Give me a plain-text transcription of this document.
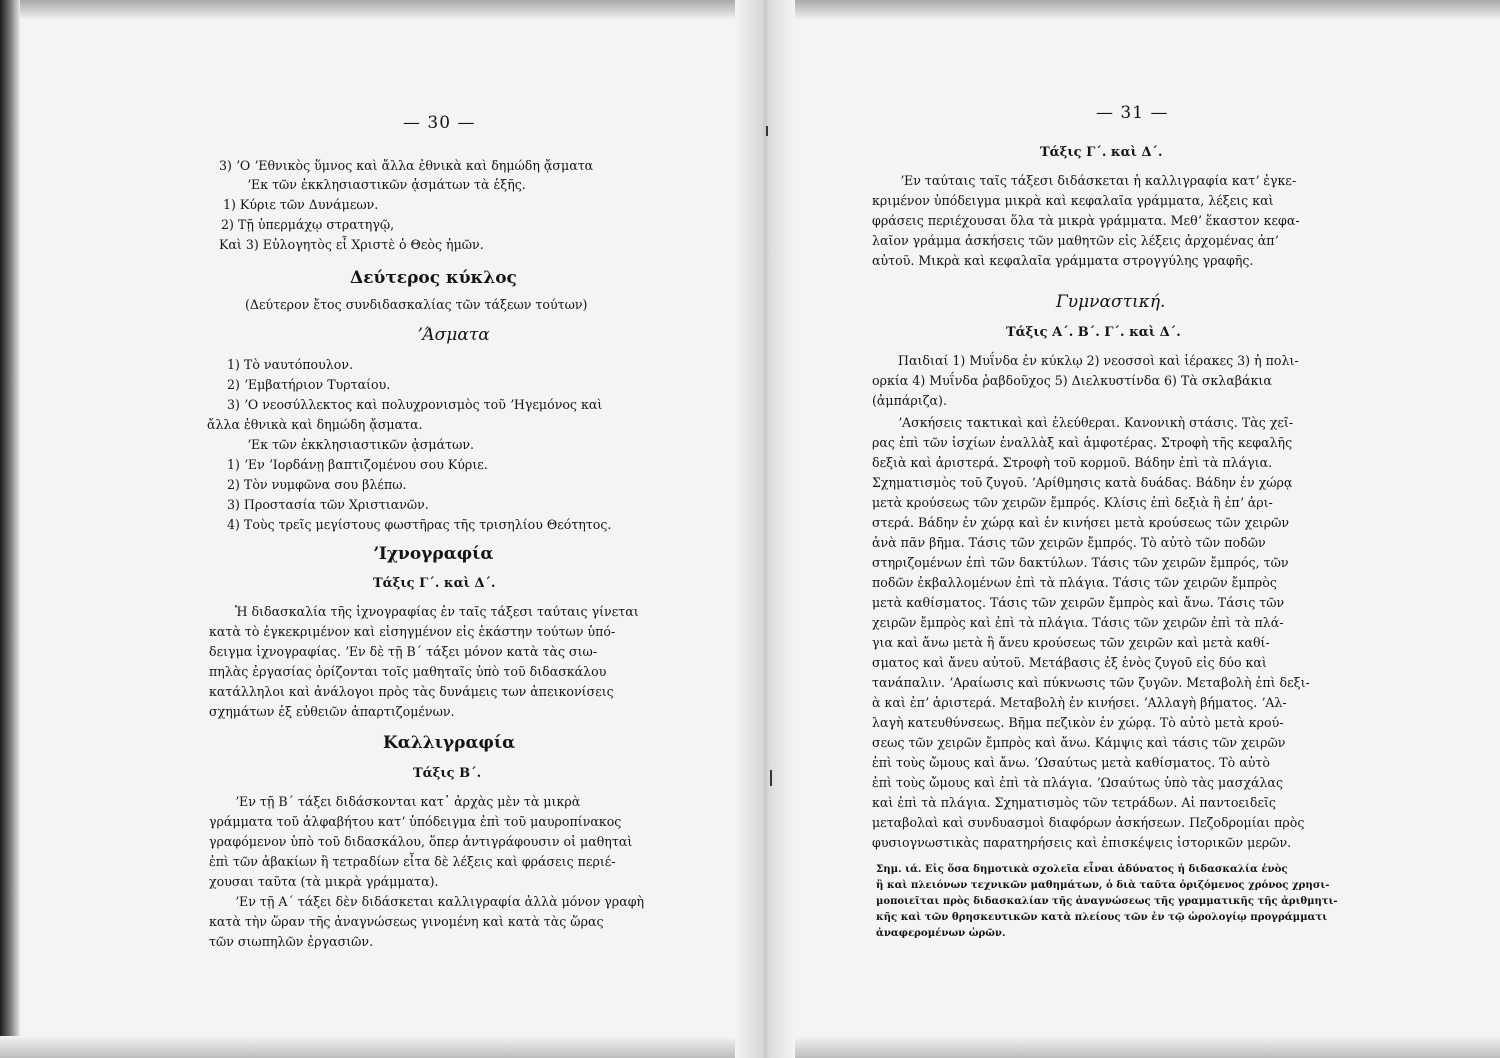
— 30 —
3) ʼΟ ʼΕθνικὸς ὕμνος καὶ ἄλλα ἐθνικὰ καὶ δημώδη ᾄσματα
ʼΕκ τῶν ἐκκλησιαστικῶν ᾀσμάτων τὰ ἑξῆς.
1) Κύριε τῶν Δυνάμεων.
2) Τῇ ὑπερμάχῳ στρατηγῷ,
Καὶ 3) Εὐλογητὸς εἶ Χριστὲ ὁ Θεὸς ἡμῶν.
Δεύτερος κύκλος
(Δεύτερον ἔτος συνδιδασκαλίας τῶν τάξεων τούτων)
ʼΆσματα
1) Τὸ ναυτόπουλον.
2) ʼΕμβατήριον Τυρταίου.
3) ʼΟ νεοσύλλεκτος καὶ πολυχρονισμὸς τοῦ ʼΗγεμόνος καὶ
ἄλλα ἐθνικὰ καὶ δημώδη ᾄσματα.
ʼΕκ τῶν ἐκκλησιαστικῶν ᾀσμάτων.
1) ʼΕν ʼΙορδάνῃ βαπτιζομένου σου Κύριε.
2) Τὸν νυμφῶνα σου βλέπω.
3) Προστασία τῶν Χριστιανῶν.
4) Τοὺς τρεῖς μεγίστους φωστῆρας τῆς τρισηλίου Θεότητος.
ʼΙχνογραφία
Τάξις Γ΄. καὶ Δ΄.
Ἡ διδασκαλία τῆς ἰχνογραφίας ἐν ταῖς τάξεσι ταύταις γίνεται
κατὰ τὸ ἐγκεκριμένον καὶ εἰσηγμένον εἰς ἑκάστην τούτων ὑπό-
δειγμα ἰχνογραφίας. ʼΕν δὲ τῇ Β΄ τάξει μόνον κατὰ τὰς σιω-
πηλὰς ἐργασίας ὁρίζονται τοῖς μαθηταῖς ὑπὸ τοῦ διδασκάλου
κατάλληλοι καὶ ἀνάλογοι πρὸς τὰς δυνάμεις των ἀπεικονίσεις
σχημάτων ἐξ εὐθειῶν ἀπαρτιζομένων.
Καλλιγραφία
Τάξις Β΄.
ʼΕν τῇ Β΄ τάξει διδάσκονται κατ᾽ ἀρχὰς μὲν τὰ μικρὰ
γράμματα τοῦ ἀλφαβήτου κατʼ ὑπόδειγμα ἐπὶ τοῦ μαυροπίνακος
γραφόμενον ὑπὸ τοῦ διδασκάλου, ὅπερ ἀντιγράφουσιν οἱ μαθηταὶ
ἐπὶ τῶν ἀβακίων ἢ τετραδίων εἶτα δὲ λέξεις καὶ φράσεις περιέ-
χουσαι ταῦτα (τὰ μικρὰ γράμματα).
ʼΕν τῇ Α΄ τάξει δὲν διδάσκεται καλλιγραφία ἀλλὰ μόνον γραφὴ
κατὰ τὴν ὥραν τῆς ἀναγνώσεως γινομένη καὶ κατὰ τὰς ὥρας
τῶν σιωπηλῶν ἐργασιῶν.
— 31 —
Τάξις Γ΄. καὶ Δ΄.
ʼΕν ταύταις ταῖς τάξεσι διδάσκεται ἡ καλλιγραφία κατʼ ἐγκε-
κριμένον ὑπόδειγμα μικρὰ καὶ κεφαλαῖα γράμματα, λέξεις καὶ
φράσεις περιέχουσαι ὅλα τὰ μικρὰ γράμματα. Μεθʼ ἕκαστον κεφα-
λαῖον γράμμα ἀσκήσεις τῶν μαθητῶν εἰς λέξεις ἀρχομένας ἀπʼ
αὐτοῦ. Μικρὰ καὶ κεφαλαῖα γράμματα στρογγύλης γραφῆς.
Γυμναστική.
Τάξις Α΄. Β΄. Γ΄. καὶ Δ΄.
Παιδιαί 1) Μυΐνδα ἐν κύκλῳ 2) νεοσσοὶ καὶ ἱέρακες 3) ἡ πολι-
ορκία 4) Μυΐνδα ῥαβδοῦχος 5) Διελκυστίνδα 6) Τὰ σκλαβάκια
(ἀμπάριζα).
ʼΑσκήσεις τακτικαὶ καὶ ἐλεύθεραι. Κανονικὴ στάσις. Τὰς χεῖ-
ρας ἐπὶ τῶν ἰσχίων ἐναλλὰξ καὶ ἀμφοτέρας. Στροφὴ τῆς κεφαλῆς
δεξιὰ καὶ ἀριστερά. Στροφὴ τοῦ κορμοῦ. Βάδην ἐπὶ τὰ πλάγια.
Σχηματισμὸς τοῦ ζυγοῦ. ʼΑρίθμησις κατὰ δυάδας. Βάδην ἐν χώρᾳ
μετὰ κρούσεως τῶν χειρῶν ἔμπρός. Κλίσις ἐπὶ δεξιὰ ἢ ἐπʼ ἀρι-
στερά. Βάδην ἐν χώρᾳ καὶ ἐν κινήσει μετὰ κρούσεως τῶν χειρῶν
ἀνὰ πᾶν βῆμα. Τάσις τῶν χειρῶν ἔμπρός. Τὸ αὐτὸ τῶν ποδῶν
στηριζομένων ἐπὶ τῶν δακτύλων. Τάσις τῶν χειρῶν ἔμπρός, τῶν
ποδῶν ἐκβαλλομένων ἐπὶ τὰ πλάγια. Τάσις τῶν χειρῶν ἔμπρὸς
μετὰ καθίσματος. Τάσις τῶν χειρῶν ἔμπρὸς καὶ ἄνω. Τάσις τῶν
χειρῶν ἔμπρὸς καὶ ἐπὶ τὰ πλάγια. Τάσις τῶν χειρῶν ἐπὶ τὰ πλά-
για καὶ ἄνω μετὰ ἢ ἄνευ κρούσεως τῶν χειρῶν καὶ μετὰ καθί-
σματος καὶ ἄνευ αὐτοῦ. Μετάβασις ἐξ ἑνὸς ζυγοῦ εἰς δύο καὶ
τανάπαλιν. ʼΑραίωσις καὶ πύκνωσις τῶν ζυγῶν. Μεταβολὴ ἐπὶ δεξι-
ὰ καὶ ἐπʼ ἀριστερά. Μεταβολὴ ἐν κινήσει. ʼΑλλαγὴ βήματος. ʼΑλ-
λαγὴ κατευθύνσεως. Βῆμα πεζικὸν ἐν χώρᾳ. Τὸ αὐτὸ μετὰ κρού-
σεως τῶν χειρῶν ἔμπρὸς καὶ ἄνω. Κάμψις καὶ τάσις τῶν χειρῶν
ἐπὶ τοὺς ὤμους καὶ ἄνω. ʼΩσαύτως μετὰ καθίσματος. Τὸ αὐτὸ
ἐπὶ τοὺς ὤμους καὶ ἐπὶ τὰ πλάγια. ʼΩσαύτως ὑπὸ τὰς μασχάλας
καὶ ἐπὶ τὰ πλάγια. Σχηματισμὸς τῶν τετράδων. Αἱ παντοειδεῖς
μεταβολαὶ καὶ συνδυασμοὶ διαφόρων ἀσκήσεων. Πεζοδρομίαι πρὸς
φυσιογνωστικὰς παρατηρήσεις καὶ ἐπισκέψεις ἱστορικῶν μερῶν.
Σημ. ιά. Εἰς ὅσα δημοτικὰ σχολεῖα εἶναι ἀδύνατος ἡ διδασκαλία ἑνὸς
ἢ καὶ πλειόνων τεχνικῶν μαθημάτων, ὁ διὰ ταῦτα ὁριζόμενος χρόνος χρησι-
μοποιεῖται πρὸς διδασκαλίαν τῆς ἀναγνώσεως τῆς γραμματικῆς τῆς ἀριθμητι-
κῆς καὶ τῶν θρησκευτικῶν κατὰ πλείους τῶν ἐν τῷ ὡρολογίῳ προγράμματι
ἀναφερομένων ὡρῶν.
